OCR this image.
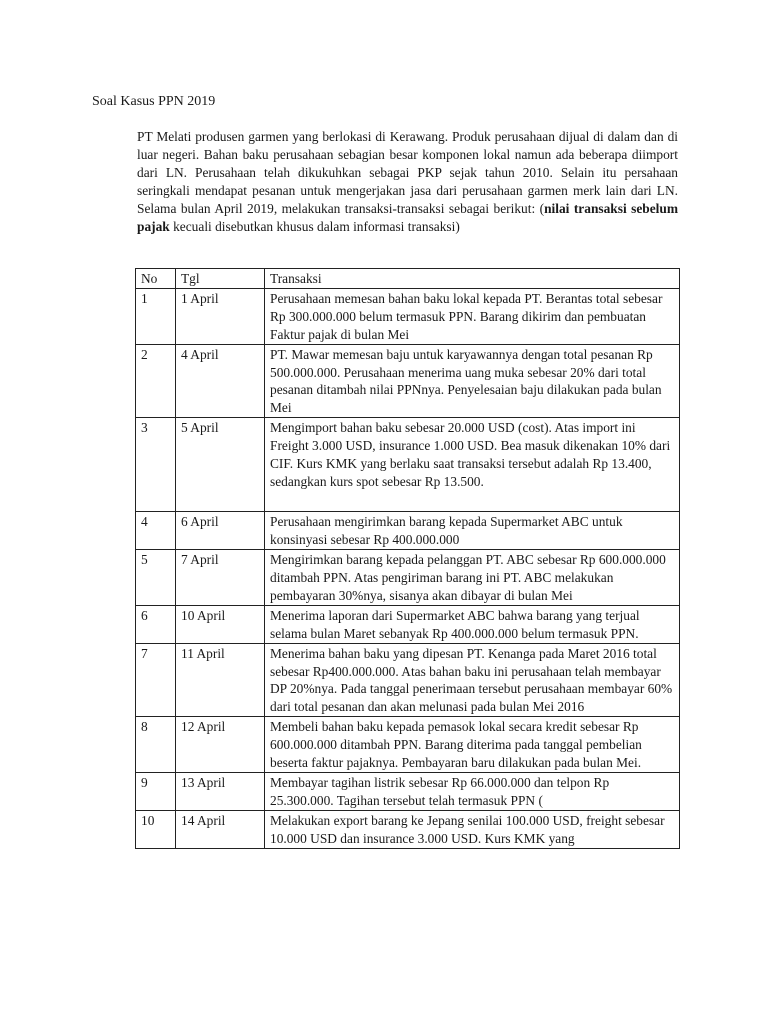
Soal Kasus PPN 2019
PT Melati produsen garmen yang berlokasi di Kerawang. Produk perusahaan dijual di dalam dan di luar negeri. Bahan baku perusahaan sebagian besar komponen lokal namun ada beberapa diimport dari LN. Perusahaan telah dikukuhkan sebagai PKP sejak tahun 2010. Selain itu persahaan seringkali mendapat pesanan untuk mengerjakan jasa dari perusahaan garmen merk lain dari LN. Selama bulan April 2019, melakukan transaksi-transaksi sebagai berikut: (nilai transaksi sebelum pajak kecuali disebutkan khusus dalam informasi transaksi)
No	Tgl	Transaksi
1	1 April	Perusahaan memesan bahan baku lokal kepada PT. Berantas total sebesar Rp 300.000.000 belum termasuk PPN. Barang dikirim dan pembuatan Faktur pajak di bulan Mei
2	4 April	PT. Mawar memesan baju untuk karyawannya dengan total pesanan Rp 500.000.000. Perusahaan menerima uang muka sebesar 20% dari total pesanan ditambah nilai PPNnya. Penyelesaian baju dilakukan pada bulan Mei
3	5 April	Mengimport bahan baku sebesar 20.000 USD (cost). Atas import ini Freight 3.000 USD, insurance 1.000 USD. Bea masuk dikenakan 10% dari CIF. Kurs KMK yang berlaku saat transaksi tersebut adalah Rp 13.400, sedangkan kurs spot sebesar Rp 13.500.
4	6 April	Perusahaan mengirimkan barang kepada Supermarket ABC untuk konsinyasi sebesar Rp 400.000.000
5	7 April	Mengirimkan barang kepada pelanggan PT. ABC sebesar Rp 600.000.000 ditambah PPN. Atas pengiriman barang ini PT. ABC melakukan pembayaran 30%nya, sisanya akan dibayar di bulan Mei
6	10 April	Menerima laporan dari Supermarket ABC bahwa barang yang terjual selama bulan Maret sebanyak Rp 400.000.000 belum termasuk PPN.
7	11 April	Menerima bahan baku yang dipesan PT. Kenanga pada Maret 2016 total sebesar Rp400.000.000. Atas bahan baku ini perusahaan telah membayar DP 20%nya. Pada tanggal penerimaan tersebut perusahaan membayar 60% dari total pesanan dan akan melunasi pada bulan Mei 2016
8	12 April	Membeli bahan baku kepada pemasok lokal secara kredit sebesar Rp 600.000.000 ditambah PPN. Barang diterima pada tanggal pembelian beserta faktur pajaknya. Pembayaran baru dilakukan pada bulan Mei.
9	13 April	Membayar tagihan listrik sebesar Rp 66.000.000 dan telpon Rp 25.300.000. Tagihan tersebut telah termasuk PPN (
10	14 April	Melakukan export barang ke Jepang senilai 100.000 USD, freight sebesar 10.000 USD dan insurance 3.000 USD. Kurs KMK yang
